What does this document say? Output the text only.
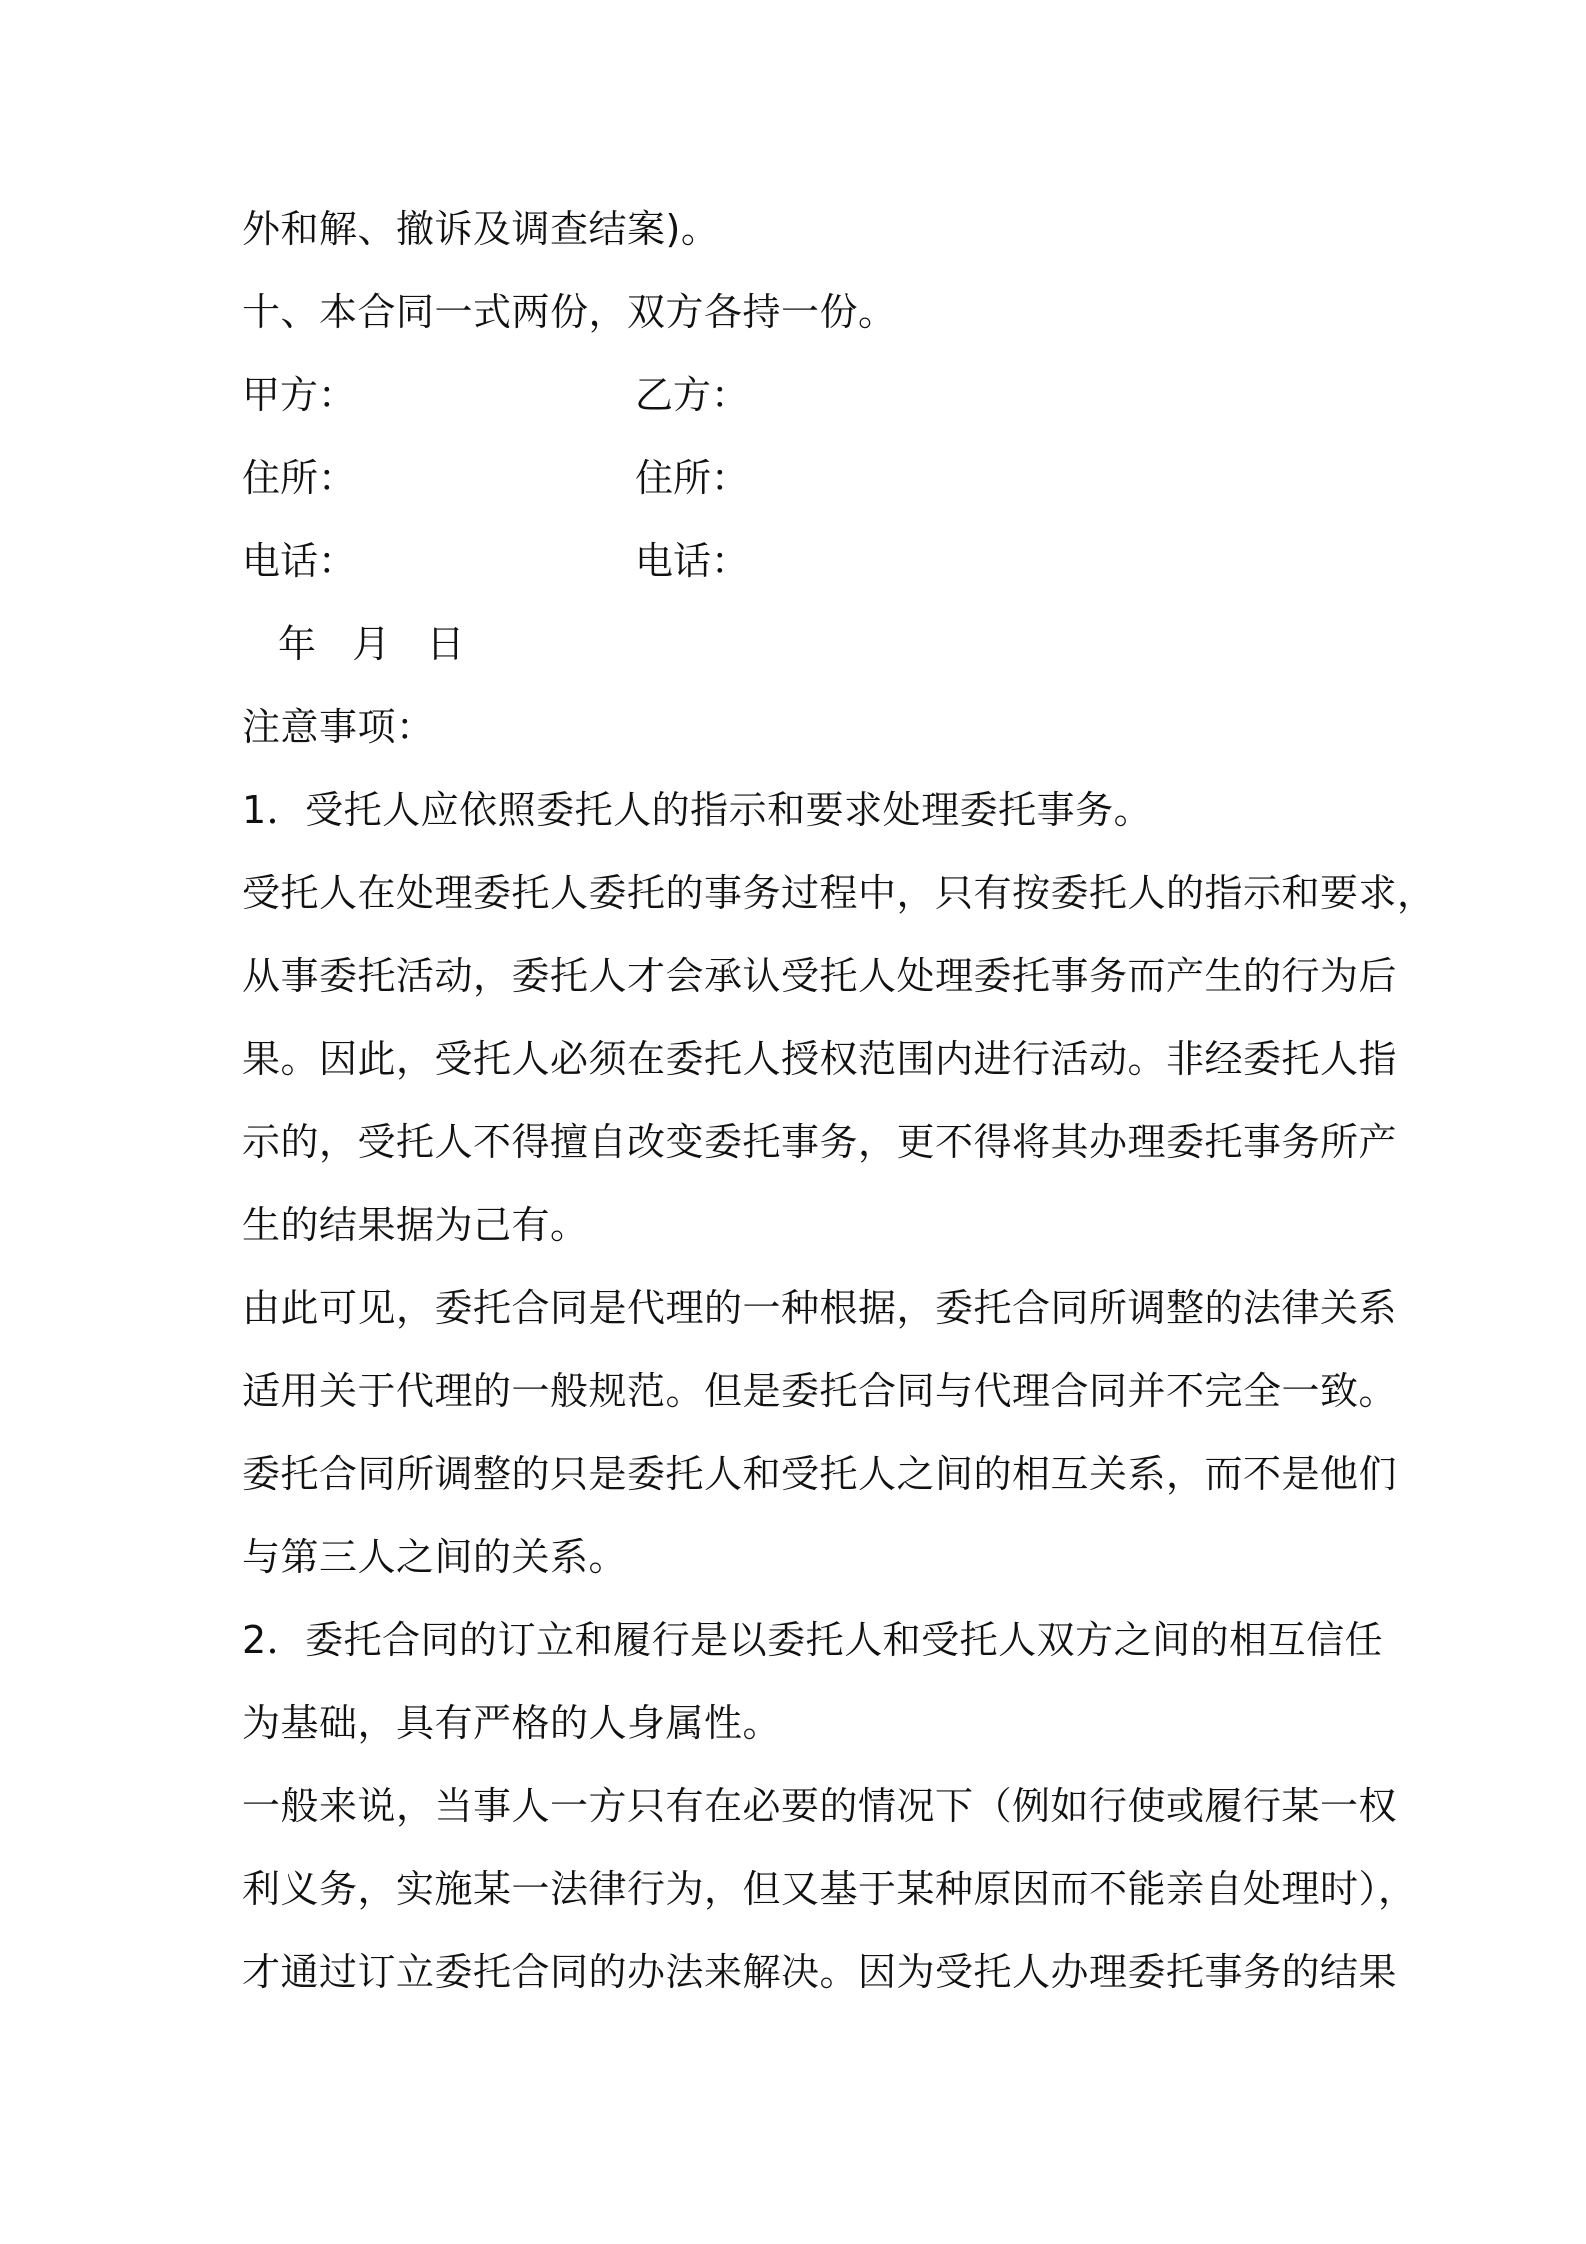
外和解、撤诉及调查结案)。
十、本合同一式两份，双方各持一份。
甲方：	乙方：
住所：	住所：
电话：	电话：
年   月   日
注意事项：
1．受托人应依照委托人的指示和要求处理委托事务。
受托人在处理委托人委托的事务过程中，只有按委托人的指示和要求，
从事委托活动，委托人才会承认受托人处理委托事务而产生的行为后
果。因此，受托人必须在委托人授权范围内进行活动。非经委托人指
示的，受托人不得擅自改变委托事务，更不得将其办理委托事务所产
生的结果据为己有。
由此可见，委托合同是代理的一种根据，委托合同所调整的法律关系
适用关于代理的一般规范。但是委托合同与代理合同并不完全一致。
委托合同所调整的只是委托人和受托人之间的相互关系，而不是他们
与第三人之间的关系。
2．委托合同的订立和履行是以委托人和受托人双方之间的相互信任
为基础，具有严格的人身属性。
一般来说，当事人一方只有在必要的情况下（例如行使或履行某一权
利义务，实施某一法律行为，但又基于某种原因而不能亲自处理时），
才通过订立委托合同的办法来解决。因为受托人办理委托事务的结果
